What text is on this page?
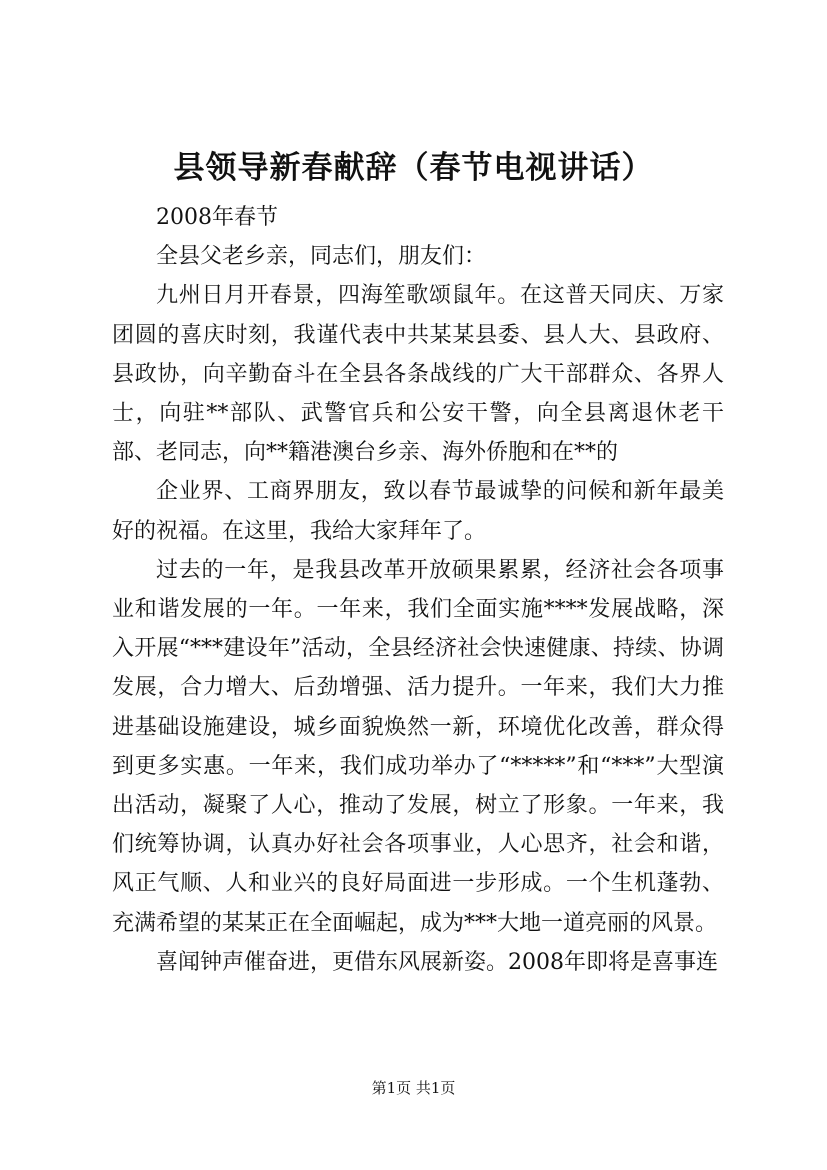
县领导新春献辞（春节电视讲话）

2008年春节

全县父老乡亲，同志们，朋友们：

九州日月开春景，四海笙歌颂鼠年。在这普天同庆、万家团圆的喜庆时刻，我谨代表中共某某县委、县人大、县政府、县政协，向辛勤奋斗在全县各条战线的广大干部群众、各界人士，向驻**部队、武警官兵和公安干警，向全县离退休老干部、老同志，向**籍港澳台乡亲、海外侨胞和在**的

企业界、工商界朋友，致以春节最诚挚的问候和新年最美好的祝福。在这里，我给大家拜年了。

过去的一年，是我县改革开放硕果累累，经济社会各项事业和谐发展的一年。一年来，我们全面实施****发展战略，深入开展“***建设年”活动，全县经济社会快速健康、持续、协调发展，合力增大、后劲增强、活力提升。一年来，我们大力推进基础设施建设，城乡面貌焕然一新，环境优化改善，群众得到更多实惠。一年来，我们成功举办了“*****”和“***”大型演出活动，凝聚了人心，推动了发展，树立了形象。一年来，我们统筹协调，认真办好社会各项事业，人心思齐，社会和谐，风正气顺、人和业兴的良好局面进一步形成。一个生机蓬勃、充满希望的某某正在全面崛起，成为***大地一道亮丽的风景。

喜闻钟声催奋进，更借东风展新姿。2008年即将是喜事连

第1页 共1页
